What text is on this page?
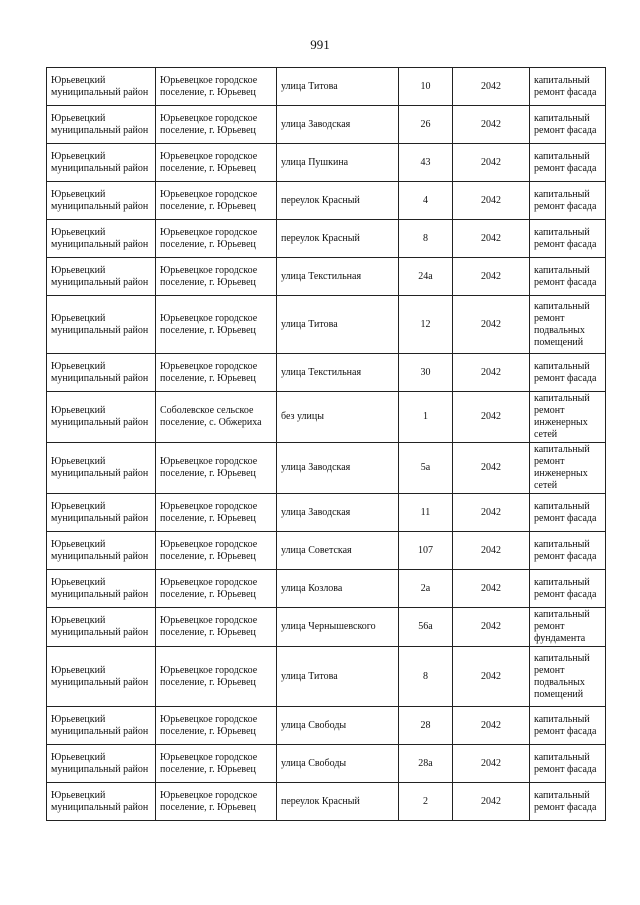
991
Юрьевецкий муниципальный район	Юрьевецкое городское поселение, г. Юрьевец	улица Титова	10	2042	капитальный ремонт фасада
Юрьевецкий муниципальный район	Юрьевецкое городское поселение, г. Юрьевец	улица Заводская	26	2042	капитальный ремонт фасада
Юрьевецкий муниципальный район	Юрьевецкое городское поселение, г. Юрьевец	улица Пушкина	43	2042	капитальный ремонт фасада
Юрьевецкий муниципальный район	Юрьевецкое городское поселение, г. Юрьевец	переулок Красный	4	2042	капитальный ремонт фасада
Юрьевецкий муниципальный район	Юрьевецкое городское поселение, г. Юрьевец	переулок Красный	8	2042	капитальный ремонт фасада
Юрьевецкий муниципальный район	Юрьевецкое городское поселение, г. Юрьевец	улица Текстильная	24а	2042	капитальный ремонт фасада
Юрьевецкий муниципальный район	Юрьевецкое городское поселение, г. Юрьевец	улица Титова	12	2042	капитальный ремонт подвальных помещений
Юрьевецкий муниципальный район	Юрьевецкое городское поселение, г. Юрьевец	улица Текстильная	30	2042	капитальный ремонт фасада
Юрьевецкий муниципальный район	Соболевское сельское поселение, с. Обжериха	без улицы	1	2042	капитальный ремонт инженерных сетей
Юрьевецкий муниципальный район	Юрьевецкое городское поселение, г. Юрьевец	улица Заводская	5а	2042	капитальный ремонт инженерных сетей
Юрьевецкий муниципальный район	Юрьевецкое городское поселение, г. Юрьевец	улица Заводская	11	2042	капитальный ремонт фасада
Юрьевецкий муниципальный район	Юрьевецкое городское поселение, г. Юрьевец	улица Советская	107	2042	капитальный ремонт фасада
Юрьевецкий муниципальный район	Юрьевецкое городское поселение, г. Юрьевец	улица Козлова	2а	2042	капитальный ремонт фасада
Юрьевецкий муниципальный район	Юрьевецкое городское поселение, г. Юрьевец	улица Чернышевского	56а	2042	капитальный ремонт фундамента
Юрьевецкий муниципальный район	Юрьевецкое городское поселение, г. Юрьевец	улица Титова	8	2042	капитальный ремонт подвальных помещений
Юрьевецкий муниципальный район	Юрьевецкое городское поселение, г. Юрьевец	улица Свободы	28	2042	капитальный ремонт фасада
Юрьевецкий муниципальный район	Юрьевецкое городское поселение, г. Юрьевец	улица Свободы	28а	2042	капитальный ремонт фасада
Юрьевецкий муниципальный район	Юрьевецкое городское поселение, г. Юрьевец	переулок Красный	2	2042	капитальный ремонт фасада
